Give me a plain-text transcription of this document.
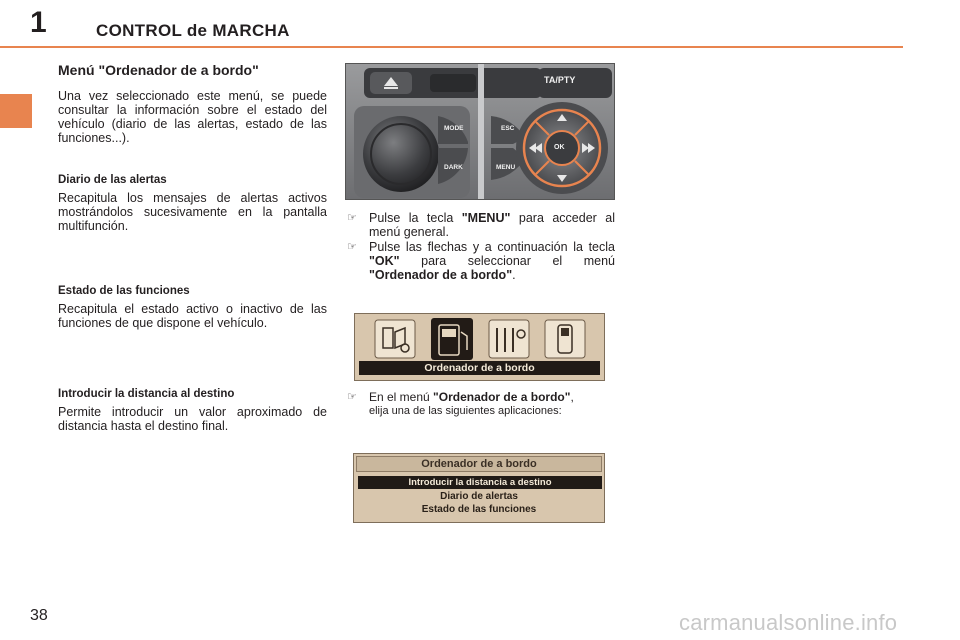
1	CONTROL de MARCHA
Menú "Ordenador de a bordo"
Una vez seleccionado este menú, se puede consultar la información sobre el estado del vehículo (diario de las alertas, estado de las funciones...).
Diario de las alertas
Recapitula los mensajes de alertas activos mostrándolos sucesivamente en la pantalla multifunción.
Estado de las funciones
Recapitula el estado activo o inactivo de las funciones de que dispone el vehículo.
Introducir la distancia al destino
Permite introducir un valor aproximado de distancia hasta el destino final.
TA/PTY
MODE
DARK
ESC
MENU
OK
☞ Pulse la tecla "MENU" para acceder al menú general.
☞ Pulse las flechas y a continuación la tecla "OK" para seleccionar el menú "Ordenador de a bordo".
Ordenador de a bordo
☞	En el menú "Ordenador de a bordo",
elija una de las siguientes aplicaciones:
Ordenador de a bordo
Introducir la distancia a destino
Diario de alertas
Estado de las funciones
38	carmanualsonline.info
